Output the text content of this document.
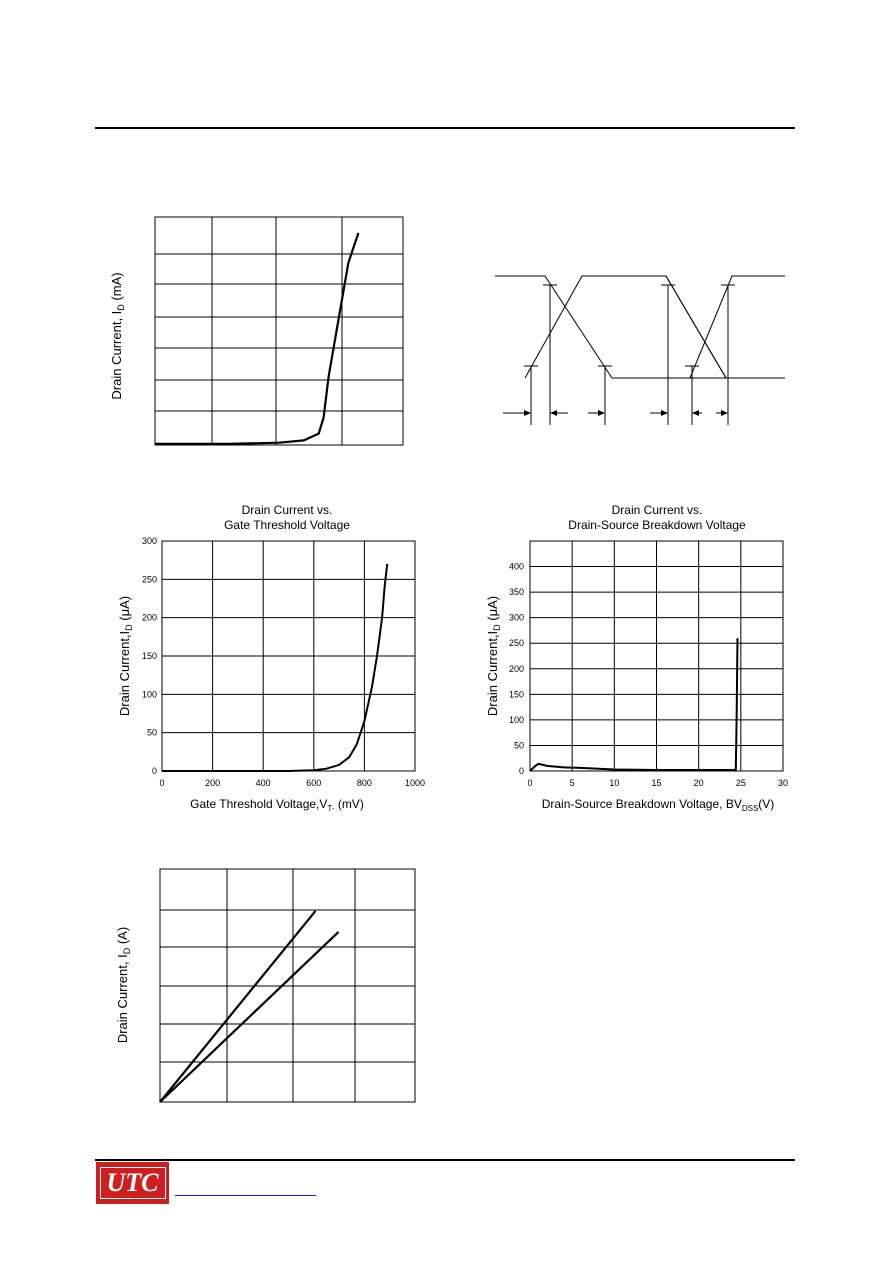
Drain Current, $I_D$ (mA)
Drain Current vs.
Gate Threshold Voltage
0
50
100
150
200
250
300
0	200	400	600	800	1000
Drain $Current,I_D$ (μA)
Gate Threshold $Voltage,V_{T-}$ (mV)
Drain Current vs.
Drain-Source Breakdown Voltage
0
50
100
150
200
250
300
350
400
0	5	10	15	20	25	30
Drain $Current,I_D$ (μA)
Drain-Source Breakdown Voltage, $BV_{DSS}(V)$
Drain Current, $I_D$ (A)
UTC
